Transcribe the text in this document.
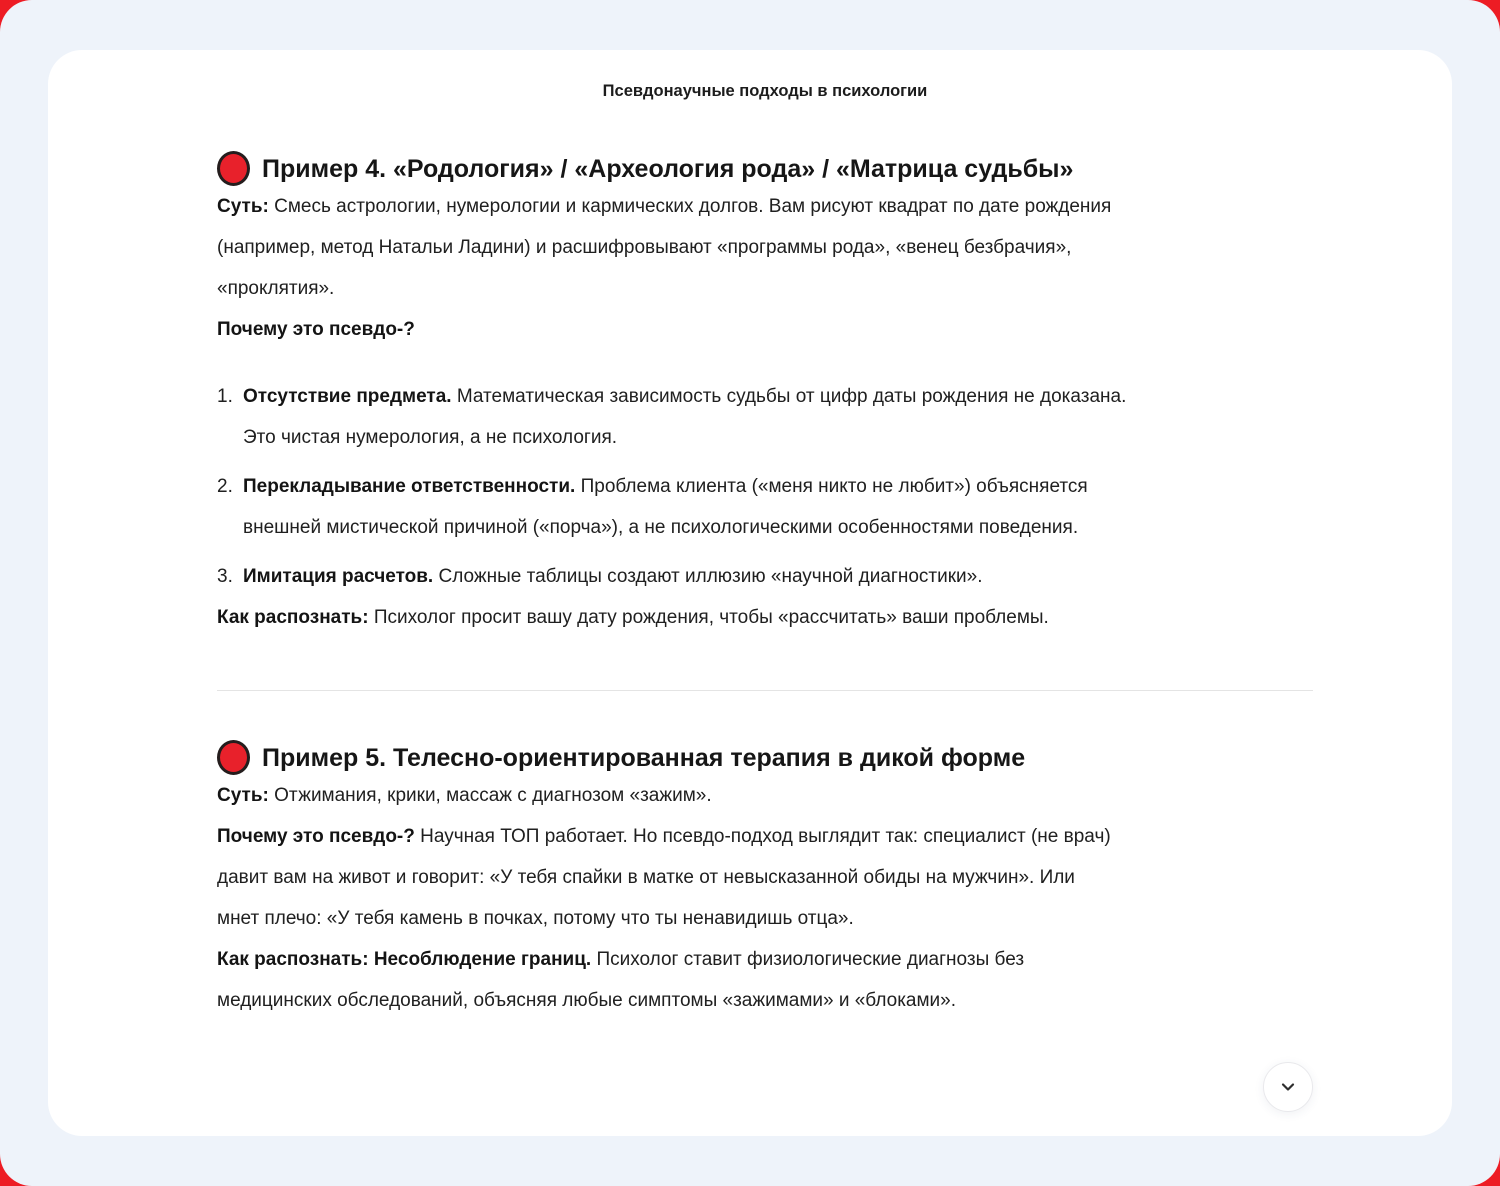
Псевдонаучные подходы в психологии
Пример 4. «Родология» / «Археология рода» / «Матрица судьбы»

Суть: Смесь астрологии, нумерологии и кармических долгов. Вам рисуют квадрат по дате рождения
(например, метод Натальи Ладини) и расшифровывают «программы рода», «венец безбрачия»,
«проклятия».

Почему это псевдо-?

1. Отсутствие предмета. Математическая зависимость судьбы от цифр даты рождения не доказана.
Это чистая нумерология, а не психология.
2. Перекладывание ответственности. Проблема клиента («меня никто не любит») объясняется
внешней мистической причиной («порча»), а не психологическими особенностями поведения.
3. Имитация расчетов. Сложные таблицы создают иллюзию «научной диагностики».

Как распознать: Психолог просит вашу дату рождения, чтобы «рассчитать» ваши проблемы.

Пример 5. Телесно-ориентированная терапия в дикой форме

Суть: Отжимания, крики, массаж с диагнозом «зажим».

Почему это псевдо-? Научная ТОП работает. Но псевдо-подход выглядит так: специалист (не врач)
давит вам на живот и говорит: «У тебя спайки в матке от невысказанной обиды на мужчин». Или
мнет плечо: «У тебя камень в почках, потому что ты ненавидишь отца».

Как распознать: Несоблюдение границ. Психолог ставит физиологические диагнозы без
медицинских обследований, объясняя любые симптомы «зажимами» и «блоками».
